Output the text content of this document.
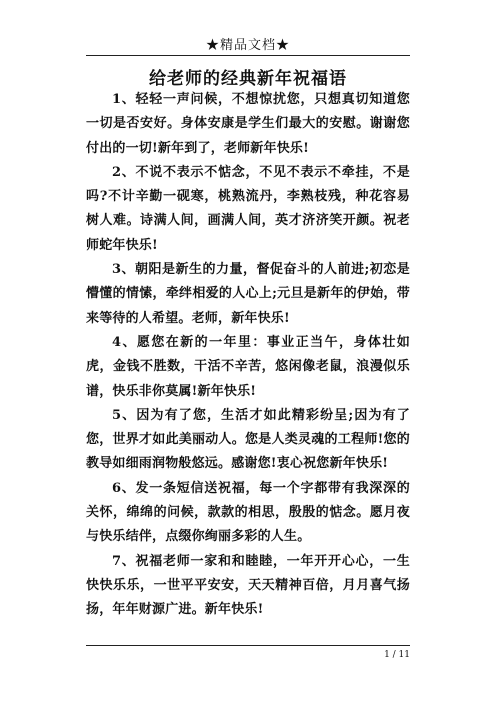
★精品文档★
给老师的经典新年祝福语

1、轻轻一声问候，不想惊扰您，只想真切知道您一切是否安好。身体安康是学生们最大的安慰。谢谢您付出的一切!新年到了，老师新年快乐!

2、不说不表示不惦念，不见不表示不牵挂，不是吗?不计辛勤一砚寒，桃熟流丹，李熟枝残，种花容易树人难。诗满人间，画满人间，英才济济笑开颜。祝老师蛇年快乐!

3、朝阳是新生的力量，督促奋斗的人前进;初恋是懵懂的情愫，牵绊相爱的人心上;元旦是新年的伊始，带来等待的人希望。老师，新年快乐!

4、愿您在新的一年里：事业正当午，身体壮如虎，金钱不胜数，干活不辛苦，悠闲像老鼠，浪漫似乐谱，快乐非你莫属!新年快乐!

5、因为有了您，生活才如此精彩纷呈;因为有了您，世界才如此美丽动人。您是人类灵魂的工程师!您的教导如细雨润物般悠远。感谢您!衷心祝您新年快乐!

6、发一条短信送祝福，每一个字都带有我深深的关怀，绵绵的问候，款款的相思，殷殷的惦念。愿月夜与快乐结伴，点缀你绚丽多彩的人生。

7、祝福老师一家和和睦睦，一年开开心心，一生快快乐乐，一世平平安安，天天精神百倍，月月喜气扬扬，年年财源广进。新年快乐!

1 / 11
